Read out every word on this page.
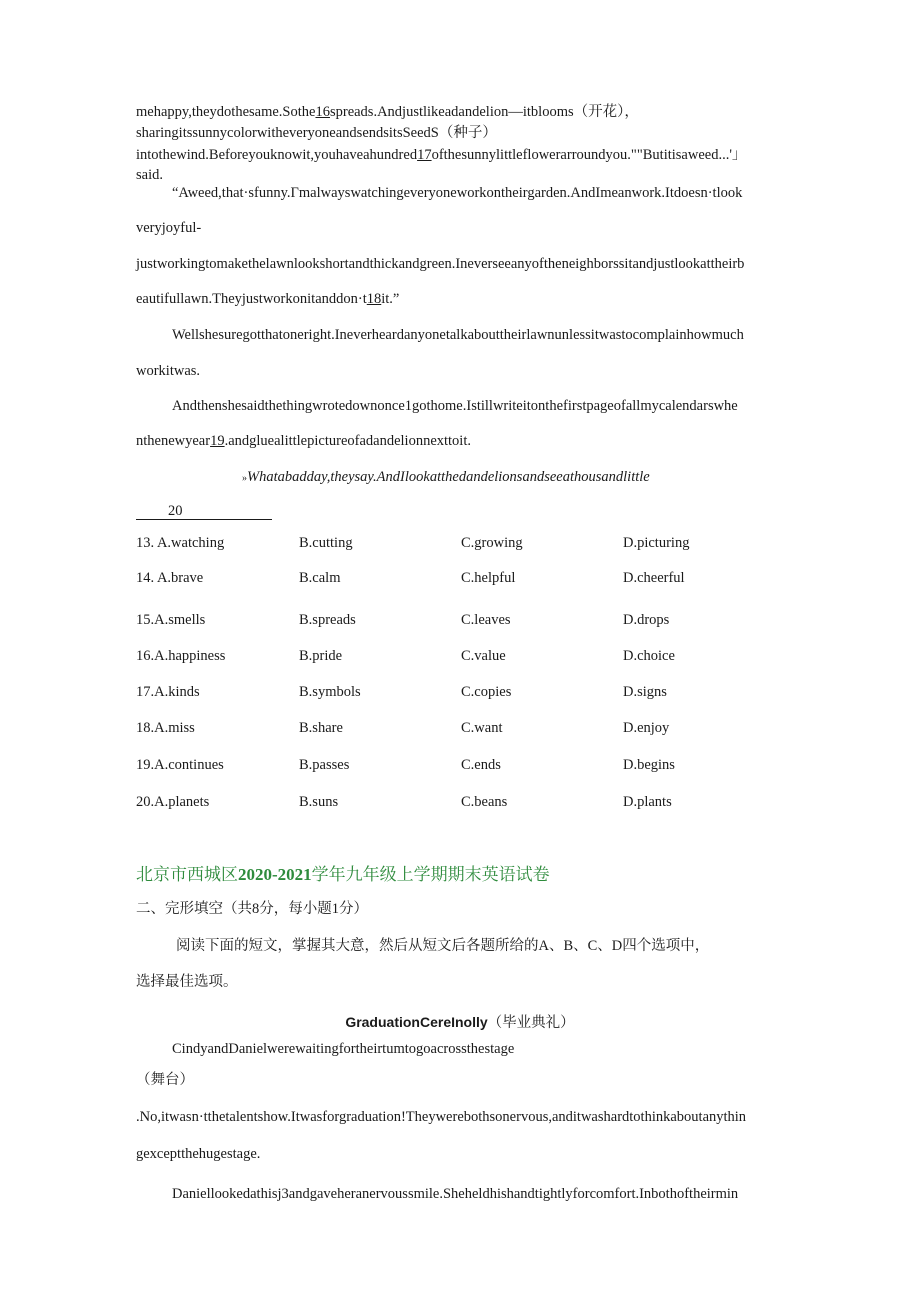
mehappy,theydothesame.Sothe16spreads.Andjustlikeadandelion—itblooms（开花），
sharingitssunnycolorwitheveryoneandsendsitsSeedS（种子）
intothewind.Beforeyouknowit,youhaveahundred17ofthesunnylittleflowerarroundyou.""Butitisaweed...'」
said.
“Aweed,that·sfunny.Γmalwayswatchingeveryoneworkontheirgarden.AndImeanwork.Itdoesn·tlook
veryjoyful-
justworkingtomakethelawnlookshortandthickandgreen.Ineverseeanyoftheneighborssitandjustlookattheirb
eautifullawn.Theyjustworkonitanddon·t18it.”
Wellshesuregotthatoneright.Ineverheardanyonetalkabouttheirlawnunlessitwastocomplainhowmuch
workitwas.
Andthenshesaidthethingwrotedownonce1gothome.Istillwriteitonthefirstpageofallmycalendarswhe
nthenewyear19.andgluealittlepictureofadandelionnexttoit.
»Whatabadday,theysay.AndIlookatthedandelionsandseeathousandlittle
20
13. A.watching	B.cutting	C.growing	D.picturing
14. A.brave	B.calm	C.helpful	D.cheerful
15.A.smells	B.spreads	C.leaves	D.drops
16.A.happiness	B.pride	C.value	D.choice
17.A.kinds	B.symbols	C.copies	D.signs
18.A.miss	B.share	C.want	D.enjoy
19.A.continues	B.passes	C.ends	D.begins
20.A.planets	B.suns	C.beans	D.plants
北京市西城区2020-2021学年九年级上学期期末英语试卷
二、完形填空（共8分，每小题1分）
阅读下面的短文，掌握其大意，然后从短文后各题所给的A、B、C、D四个选项中，
选择最佳选项。
GraduationCereInolly（毕业典礼）
CindyandDanielwerewaitingfortheirtumtogoacrossthestage
（舞台）
.No,itwasn·tthetalentshow.Itwasforgraduation!Theywerebothsonervous,anditwashardtothinkaboutanythin
gexceptthehugestage.
Daniellookedathisj3andgaveheranervoussmile.Sheheldhishandtightlyforcomfort.Inbothoftheirmin
